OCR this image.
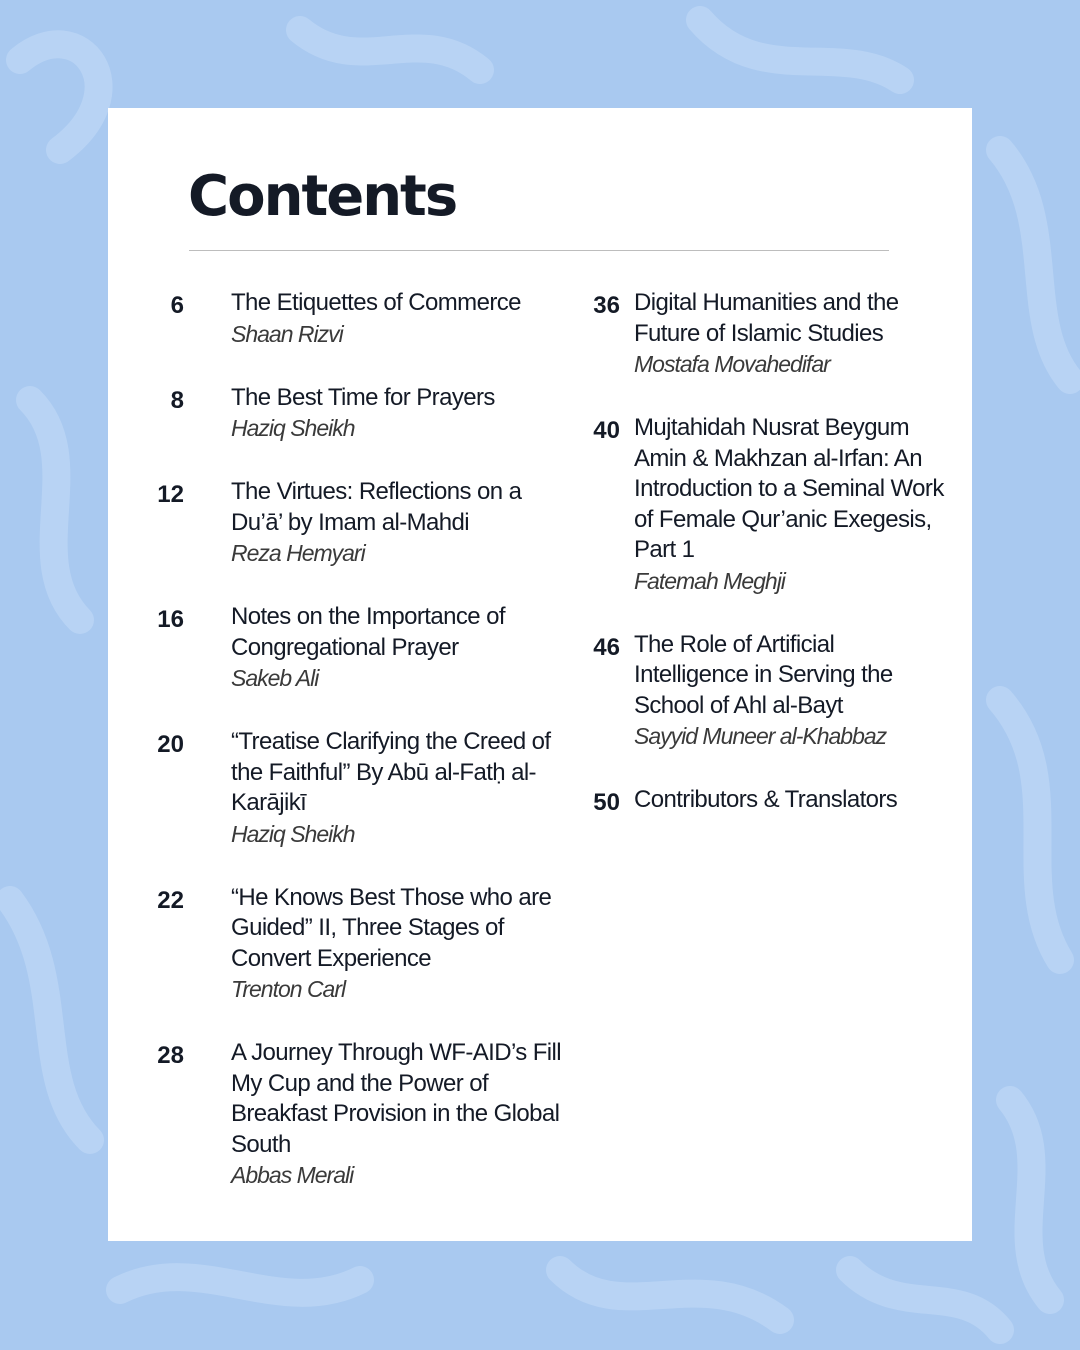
Contents
6 The Etiquettes of Commerce
Shaan Rizvi
8 The Best Time for Prayers
Haziq Sheikh
12 The Virtues: Reflections on a Du’ā’ by Imam al-Mahdi
Reza Hemyari
16 Notes on the Importance of Congregational Prayer
Sakeb Ali
20 “Treatise Clarifying the Creed of the Faithful” By Abū al-Fatḥ al-Karājikī
Haziq Sheikh
22 “He Knows Best Those who are Guided” II, Three Stages of Convert Experience
Trenton Carl
28 A Journey Through WF-AID’s Fill My Cup and the Power of Breakfast Provision in the Global South
Abbas Merali
36 Digital Humanities and the Future of Islamic Studies
Mostafa Movahedifar
40 Mujtahidah Nusrat Beygum Amin & Makhzan al-Irfan: An Introduction to a Seminal Work of Female Qur’anic Exegesis, Part 1
Fatemah Meghji
46 The Role of Artificial Intelligence in Serving the School of Ahl al-Bayt
Sayyid Muneer al-Khabbaz
50 Contributors & Translators
